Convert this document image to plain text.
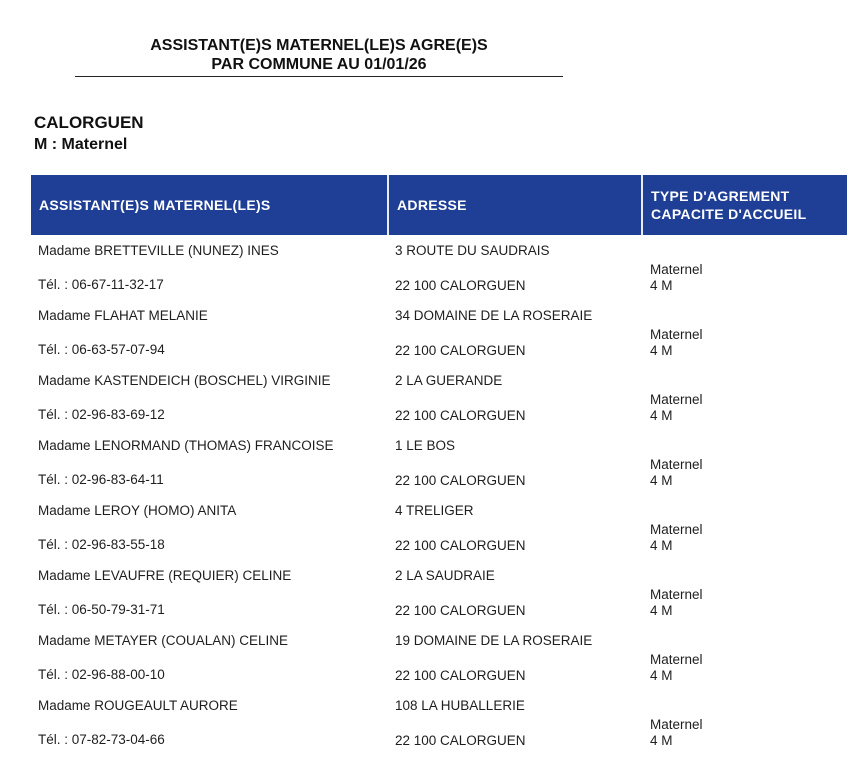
ASSISTANT(E)S MATERNEL(LE)S AGRE(E)S
PAR COMMUNE AU 01/01/26
CALORGUEN
M : Maternel
ASSISTANT(E)S MATERNEL(LE)S	ADRESSE
TYPE D'AGREMENT
CAPACITE D'ACCUEIL
Madame BRETTEVILLE (NUNEZ) INES
Tél. : 06-67-11-32-17
3 ROUTE DU SAUDRAIS
22 100 CALORGUEN
Maternel
4 M
Madame FLAHAT MELANIE
Tél. : 06-63-57-07-94
34 DOMAINE DE LA ROSERAIE
22 100 CALORGUEN
Maternel
4 M
Madame KASTENDEICH (BOSCHEL) VIRGINIE
Tél. : 02-96-83-69-12
2 LA GUERANDE
22 100 CALORGUEN
Maternel
4 M
Madame LENORMAND (THOMAS) FRANCOISE
Tél. : 02-96-83-64-11
1 LE BOS
22 100 CALORGUEN
Maternel
4 M
Madame LEROY (HOMO) ANITA
Tél. : 02-96-83-55-18
4 TRELIGER
22 100 CALORGUEN
Maternel
4 M
Madame LEVAUFRE (REQUIER) CELINE
Tél. : 06-50-79-31-71
2 LA SAUDRAIE
22 100 CALORGUEN
Maternel
4 M
Madame METAYER (COUALAN) CELINE
Tél. : 02-96-88-00-10
19 DOMAINE DE LA ROSERAIE
22 100 CALORGUEN
Maternel
4 M
Madame ROUGEAULT AURORE
Tél. : 07-82-73-04-66
108 LA HUBALLERIE
22 100 CALORGUEN
Maternel
4 M
